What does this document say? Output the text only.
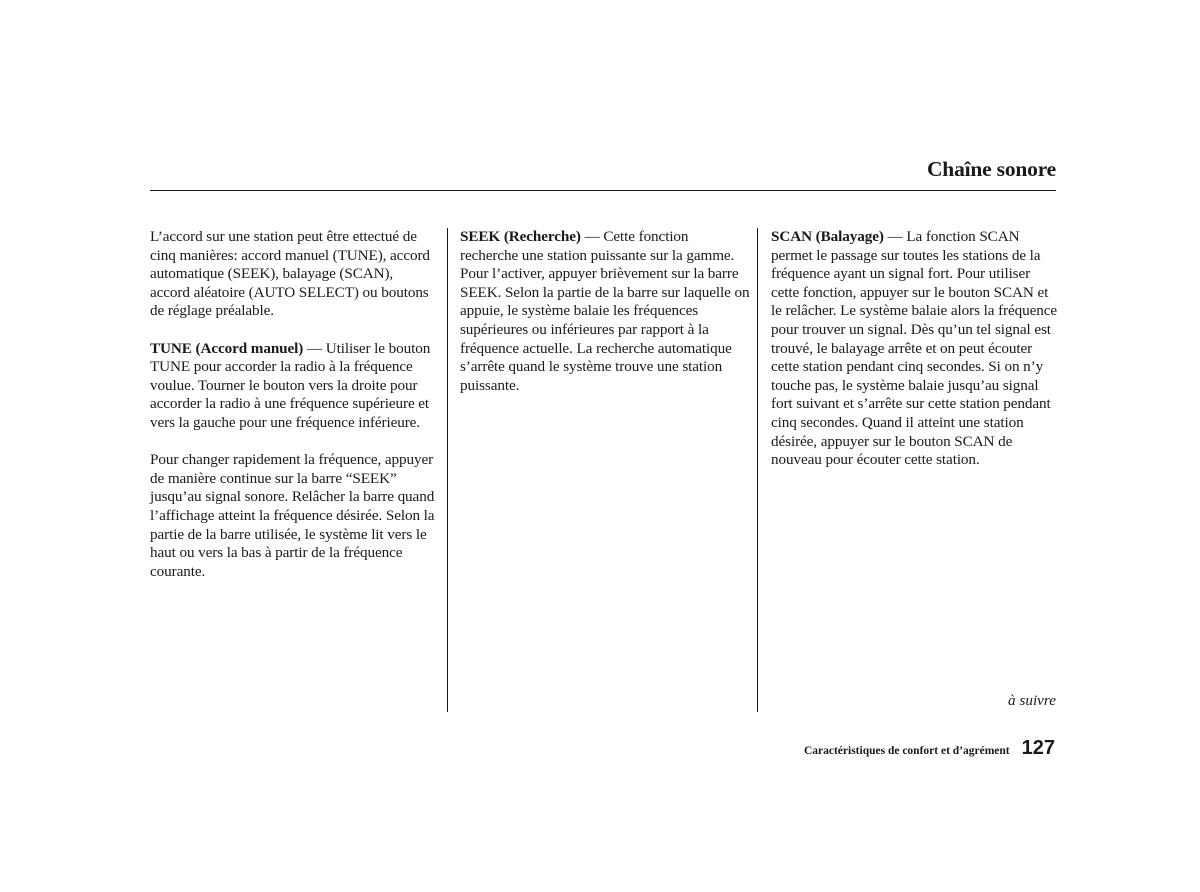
Chaîne sonore

L’accord sur une station peut être ettectué de cinq manières: accord manuel (TUNE), accord automatique (SEEK), balayage (SCAN), accord aléatoire (AUTO SELECT) ou boutons de réglage préalable.

TUNE (Accord manuel) — Utiliser le bouton TUNE pour accorder la radio à la fréquence voulue. Tourner le bouton vers la droite pour accorder la radio à une fréquence supérieure et vers la gauche pour une fréquence inférieure.

Pour changer rapidement la fréquence, appuyer de manière continue sur la barre “SEEK” jusqu’au signal sonore. Relâcher la barre quand l’affichage atteint la fréquence désirée. Selon la partie de la barre utilisée, le système lit vers le haut ou vers la bas à partir de la fréquence courante.

SEEK (Recherche) — Cette fonction recherche une station puissante sur la gamme. Pour l’activer, appuyer brièvement sur la barre SEEK. Selon la partie de la barre sur laquelle on appuie, le système balaie les fréquences supérieures ou inférieures par rapport à la fréquence actuelle. La recherche automatique s’arrête quand le système trouve une station puissante.

SCAN (Balayage) — La fonction SCAN permet le passage sur toutes les stations de la fréquence ayant un signal fort. Pour utiliser cette fonction, appuyer sur le bouton SCAN et le relâcher. Le système balaie alors la fréquence pour trouver un signal. Dès qu’un tel signal est trouvé, le balayage arrête et on peut écouter cette station pendant cinq secondes. Si on n’y touche pas, le système balaie jusqu’au signal fort suivant et s’arrête sur cette station pendant cinq secondes. Quand il atteint une station désirée, appuyer sur le bouton SCAN de nouveau pour écouter cette station.

à suivre
Caractéristiques de confort et d’agrément 127
